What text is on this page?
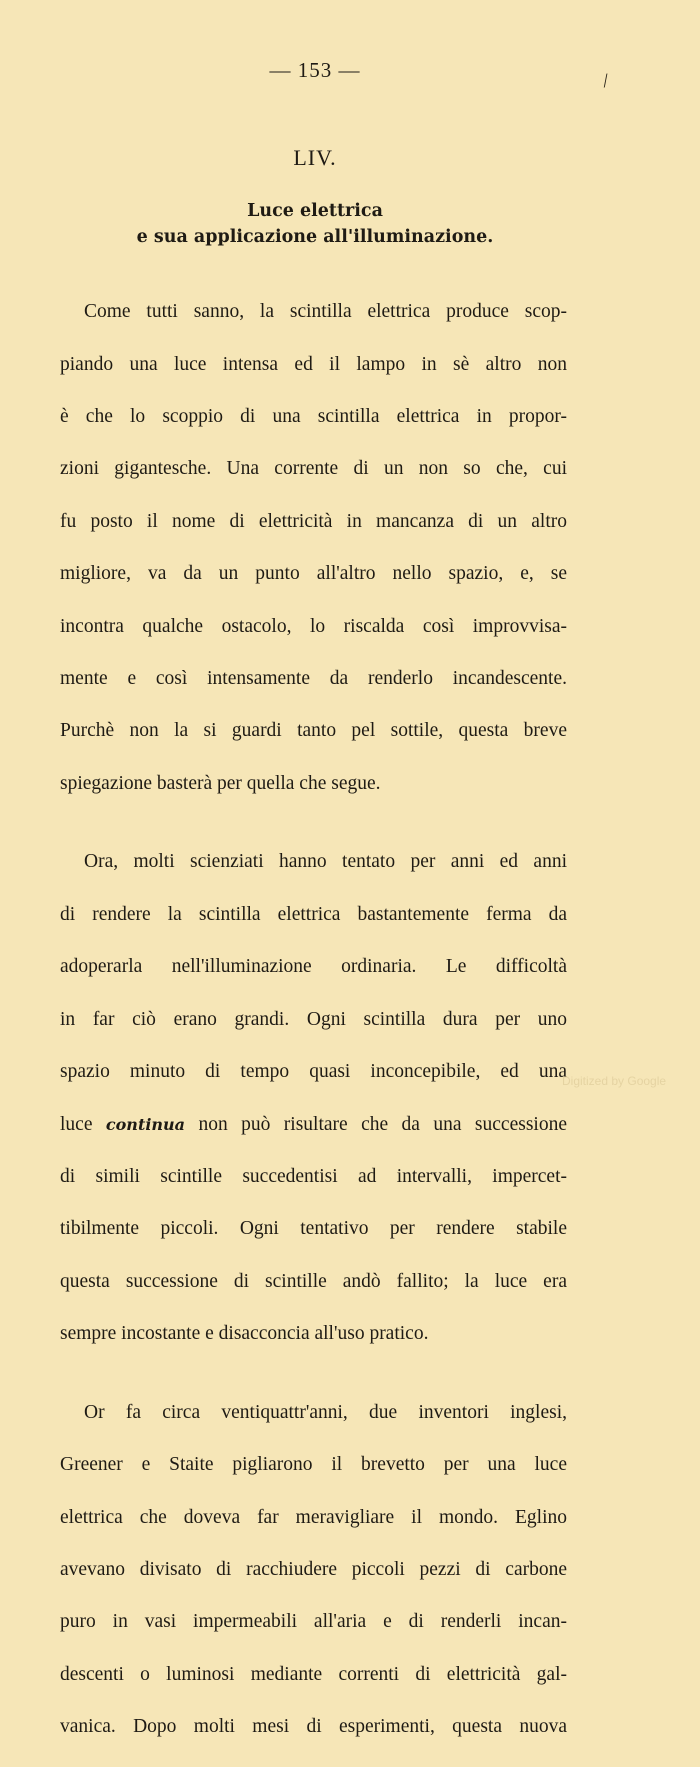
— 153 —	/
LIV.
Luce elettrica
e sua applicazione all'illuminazione.

Come tutti sanno, la scintilla elettrica produce scop-

piando una luce intensa ed il lampo in sè altro non

è che lo scoppio di una scintilla elettrica in propor-

zioni gigantesche. Una corrente di un non so che, cui

fu posto il nome di elettricità in mancanza di un altro

migliore, va da un punto all'altro nello spazio, e, se

incontra qualche ostacolo, lo riscalda così improvvisa-

mente e così intensamente da renderlo incandescente.

Purchè non la si guardi tanto pel sottile, questa breve

spiegazione basterà per quella che segue.

Ora, molti scienziati hanno tentato per anni ed anni

di rendere la scintilla elettrica bastantemente ferma da

adoperarla nell'illuminazione ordinaria. Le difficoltà

in far ciò erano grandi. Ogni scintilla dura per uno

spazio minuto di tempo quasi inconcepibile, ed una

luce continua non può risultare che da una successione

di simili scintille succedentisi ad intervalli, impercet-

tibilmente piccoli. Ogni tentativo per rendere stabile

questa successione di scintille andò fallito; la luce era

sempre incostante e disacconcia all'uso pratico.

Or fa circa ventiquattr'anni, due inventori inglesi,

Greener e Staite pigliarono il brevetto per una luce

elettrica che doveva far meravigliare il mondo. Eglino

avevano divisato di racchiudere piccoli pezzi di carbone

puro in vasi impermeabili all'aria e di renderli incan-

descenti o luminosi mediante correnti di elettricità gal-

vanica. Dopo molti mesi di esperimenti, questa nuova

Digitized by Google
